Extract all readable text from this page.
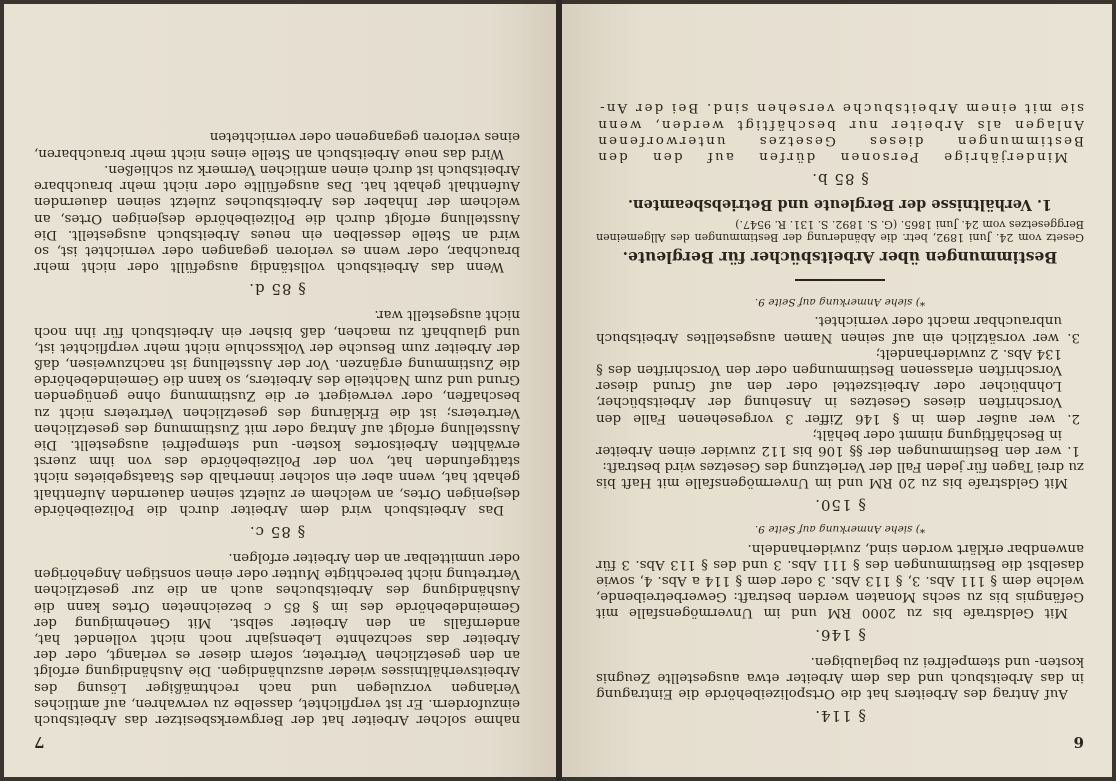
6
§ 114.

Auf Antrag des Arbeiters hat die Ortspolizeibehörde die Eintragung in das Arbeitsbuch und das dem Arbeiter etwa ausgestellte Zeugnis kosten- und stempelfrei zu beglaubigen.

§ 146.

Mit Geldstrafe bis zu 2000 RM und im Unvermögensfalle mit Gefängnis bis zu sechs Monaten werden bestraft: Gewerbetreibende, welche dem § 111 Abs. 3, § 113 Abs. 3 oder dem § 114 a Abs. 4, sowie daselbst die Bestimmungen des § 111 Abs. 3 und des § 113 Abs. 3 für anwendbar erklärt worden sind, zuwiderhandeln.

*) siehe Anmerkung auf Seite 9.
§ 150.

Mit Geldstrafe bis zu 20 RM und im Unvermögensfalle mit Haft bis zu drei Tagen für jeden Fall der Verletzung des Gesetzes wird bestraft:

1. wer den Bestimmungen der §§ 106 bis 112 zuwider einen Arbeiter in Beschäftigung nimmt oder behält;

2. wer außer dem in § 146 Ziffer 3 vorgesehenen Falle den Vorschriften dieses Gesetzes in Ansehung der Arbeitsbücher, Lohnbücher oder Arbeitszettel oder den auf Grund dieser Vorschriften erlassenen Bestimmungen oder den Vorschriften des § 134 Abs. 2 zuwiderhandelt;

3. wer vorsätzlich ein auf seinen Namen ausgestelltes Arbeitsbuch unbrauchbar macht oder vernichtet.

*) siehe Anmerkung auf Seite 9.
Bestimmungen über Arbeitsbücher für Bergleute.

Gesetz vom 24. Juni 1892, betr. die Abänderung der Bestimmungen des Allgemeinen Berggesetzes vom 24. Juni 1865. (G. S. 1892. S. 131. R. 9547.)

1. Verhältnisse der Bergleute und Betriebsbeamten.
§ 85 b.

Minderjährige Personen dürfen auf den den Bestimmungen dieses Gesetzes unterworfenen Anlagen als Arbeiter nur beschäftigt werden, wenn sie mit einem Arbeitsbuche versehen sind. Bei der An-

7

nahme solcher Arbeiter hat der Bergwerksbesitzer das Arbeitsbuch einzufordern. Er ist verpflichtet, dasselbe zu verwahren, auf amtliches Verlangen vorzulegen und nach rechtmäßiger Lösung des Arbeitsverhältnisses wieder auszuhändigen. Die Aushändigung erfolgt an den gesetzlichen Vertreter, sofern dieser es verlangt, oder der Arbeiter das sechzehnte Lebensjahr noch nicht vollendet hat, andernfalls an den Arbeiter selbst. Mit Genehmigung der Gemeindebehörde des im § 85 c bezeichneten Ortes kann die Aushändigung des Arbeitsbuches auch an die zur gesetzlichen Vertretung nicht berechtigte Mutter oder einen sonstigen Angehörigen oder unmittelbar an den Arbeiter erfolgen.

§ 85 c.

Das Arbeitsbuch wird dem Arbeiter durch die Polizeibehörde desjenigen Ortes, an welchem er zuletzt seinen dauernden Aufenthalt gehabt hat, wenn aber ein solcher innerhalb des Staatsgebietes nicht stattgefunden hat, von der Polizeibehörde des von ihm zuerst erwählten Arbeitsortes kosten- und stempelfrei ausgestellt. Die Ausstellung erfolgt auf Antrag oder mit Zustimmung des gesetzlichen Vertreters; ist die Erklärung des gesetzlichen Vertreters nicht zu beschaffen, oder verweigert er die Zustimmung ohne genügenden Grund und zum Nachteile des Arbeiters, so kann die Gemeindebehörde die Zustimmung ergänzen. Vor der Ausstellung ist nachzuweisen, daß der Arbeiter zum Besuche der Volksschule nicht mehr verpflichtet ist, und glaubhaft zu machen, daß bisher ein Arbeitsbuch für ihn noch nicht ausgestellt war.

§ 85 d.

Wenn das Arbeitsbuch vollständig ausgefüllt oder nicht mehr brauchbar, oder wenn es verloren gegangen oder vernichtet ist, so wird an Stelle desselben ein neues Arbeitsbuch ausgestellt. Die Ausstellung erfolgt durch die Polizeibehörde desjenigen Ortes, an welchem der Inhaber des Arbeitsbuches zuletzt seinen dauernden Aufenthalt gehabt hat. Das ausgefüllte oder nicht mehr brauchbare Arbeitsbuch ist durch einen amtlichen Vermerk zu schließen.

Wird das neue Arbeitsbuch an Stelle eines nicht mehr brauchbaren, eines verloren gegangenen oder vernichteten
